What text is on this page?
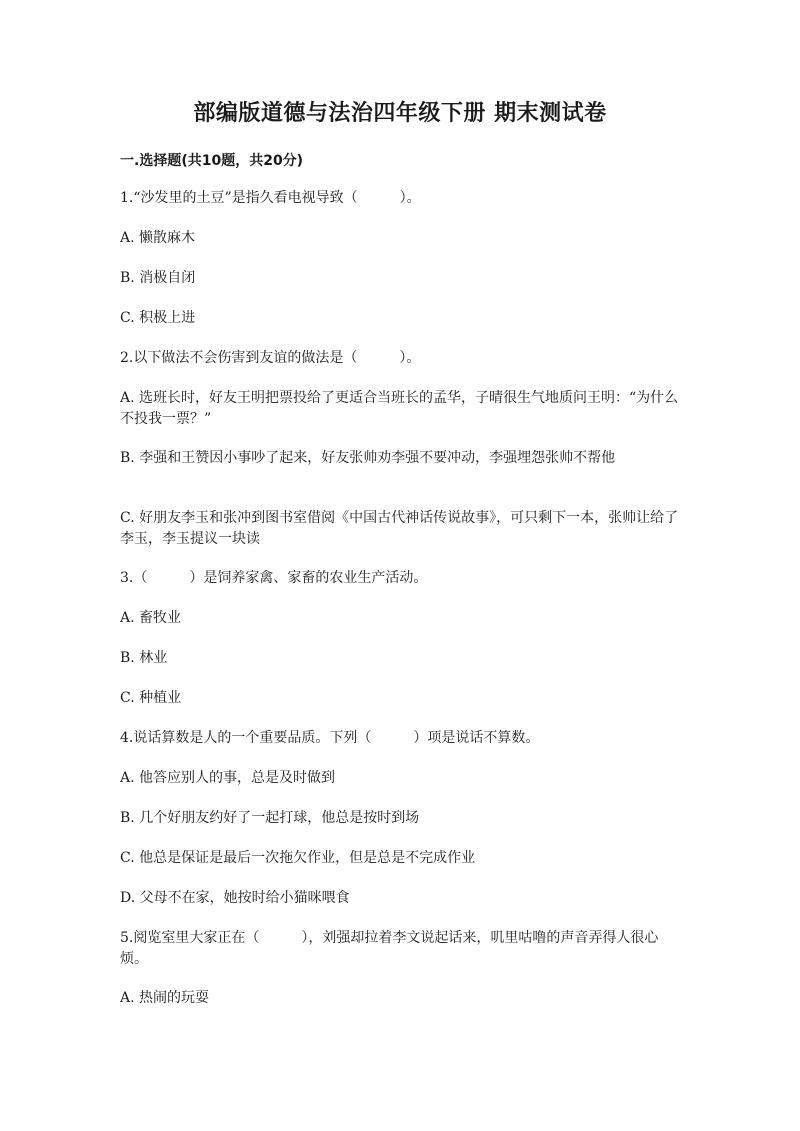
部编版道德与法治四年级下册 期末测试卷
一.选择题(共10题，共20分)

1.“沙发里的土豆”是指久看电视导致（　　　）。

A. 懒散麻木

B. 消极自闭

C. 积极上进

2.以下做法不会伤害到友谊的做法是（　　　）。

A. 选班长时，好友王明把票投给了更适合当班长的孟华，子晴很生气地质问王明：“为什么不投我一票？”

B. 李强和王赞因小事吵了起来，好友张帅劝李强不要冲动，李强埋怨张帅不帮他

C. 好朋友李玉和张冲到图书室借阅《中国古代神话传说故事》，可只剩下一本，张帅让给了李玉，李玉提议一块读

3.（　　　）是饲养家禽、家畜的农业生产活动。

A. 畜牧业

B. 林业

C. 种植业

4.说话算数是人的一个重要品质。下列（　　　）项是说话不算数。

A. 他答应别人的事，总是及时做到

B. 几个好朋友约好了一起打球，他总是按时到场

C. 他总是保证是最后一次拖欠作业，但是总是不完成作业

D. 父母不在家，她按时给小猫咪喂食

5.阅览室里大家正在（　　　），刘强却拉着李文说起话来，叽里咕噜的声音弄得人很心烦。

A. 热闹的玩耍
